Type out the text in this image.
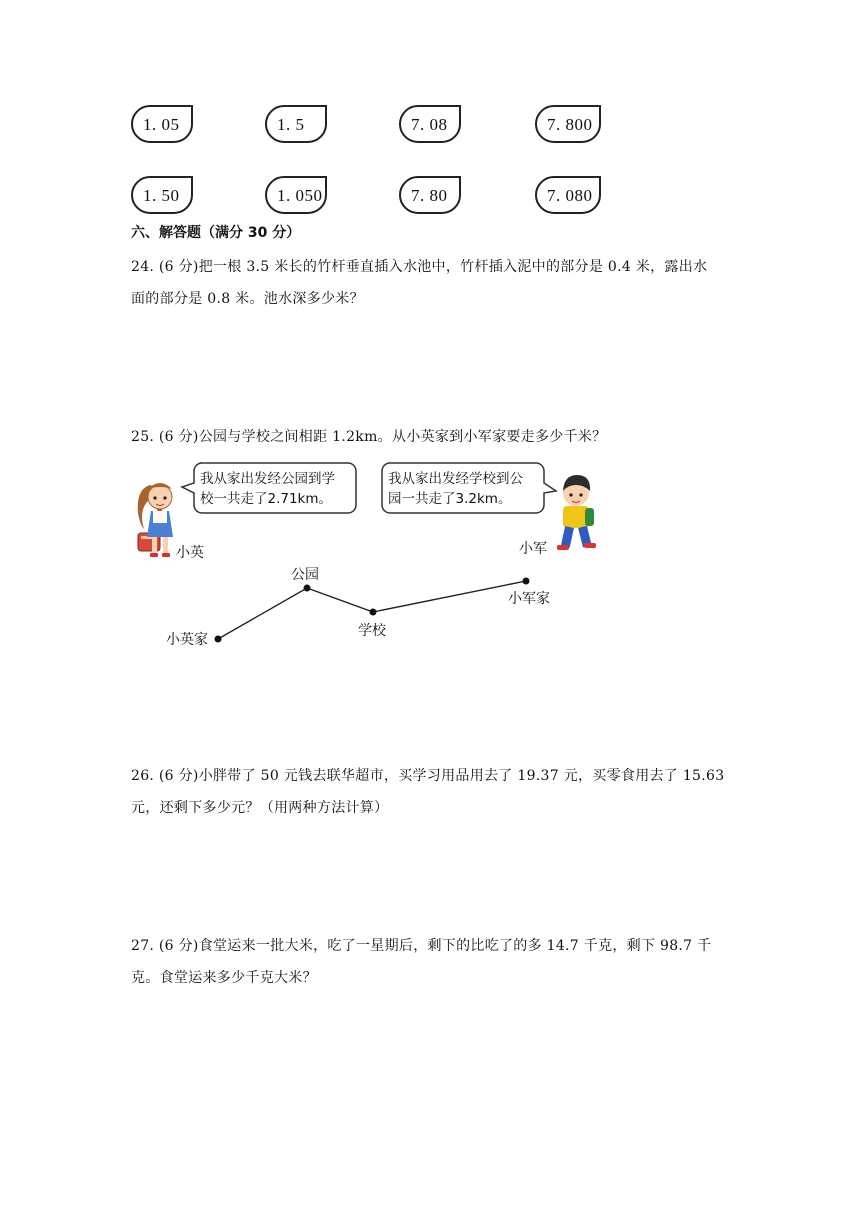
1. 05	1. 5	7. 08	7. 800
1. 50	1. 050	7. 80	7. 080
六、解答题（满分 30 分）
24. (6 分)把一根 3.5 米长的竹杆垂直插入水池中，竹杆插入泥中的部分是 0.4 米，露出水
面的部分是 0.8 米。池水深多少米？
25. (6 分)公园与学校之间相距 1.2km。从小英家到小军家要走多少千米？
小英
我从家出发经公园到学
校一共走了2.71km。
我从家出发经学校到公
园一共走了3.2km。
小军
小英家
公园
学校
小军家
26. (6 分)小胖带了 50 元钱去联华超市，买学习用品用去了 19.37 元，买零食用去了 15.63
元，还剩下多少元？（用两种方法计算）
27. (6 分)食堂运来一批大米，吃了一星期后，剩下的比吃了的多 14.7 千克，剩下 98.7 千
克。食堂运来多少千克大米？
